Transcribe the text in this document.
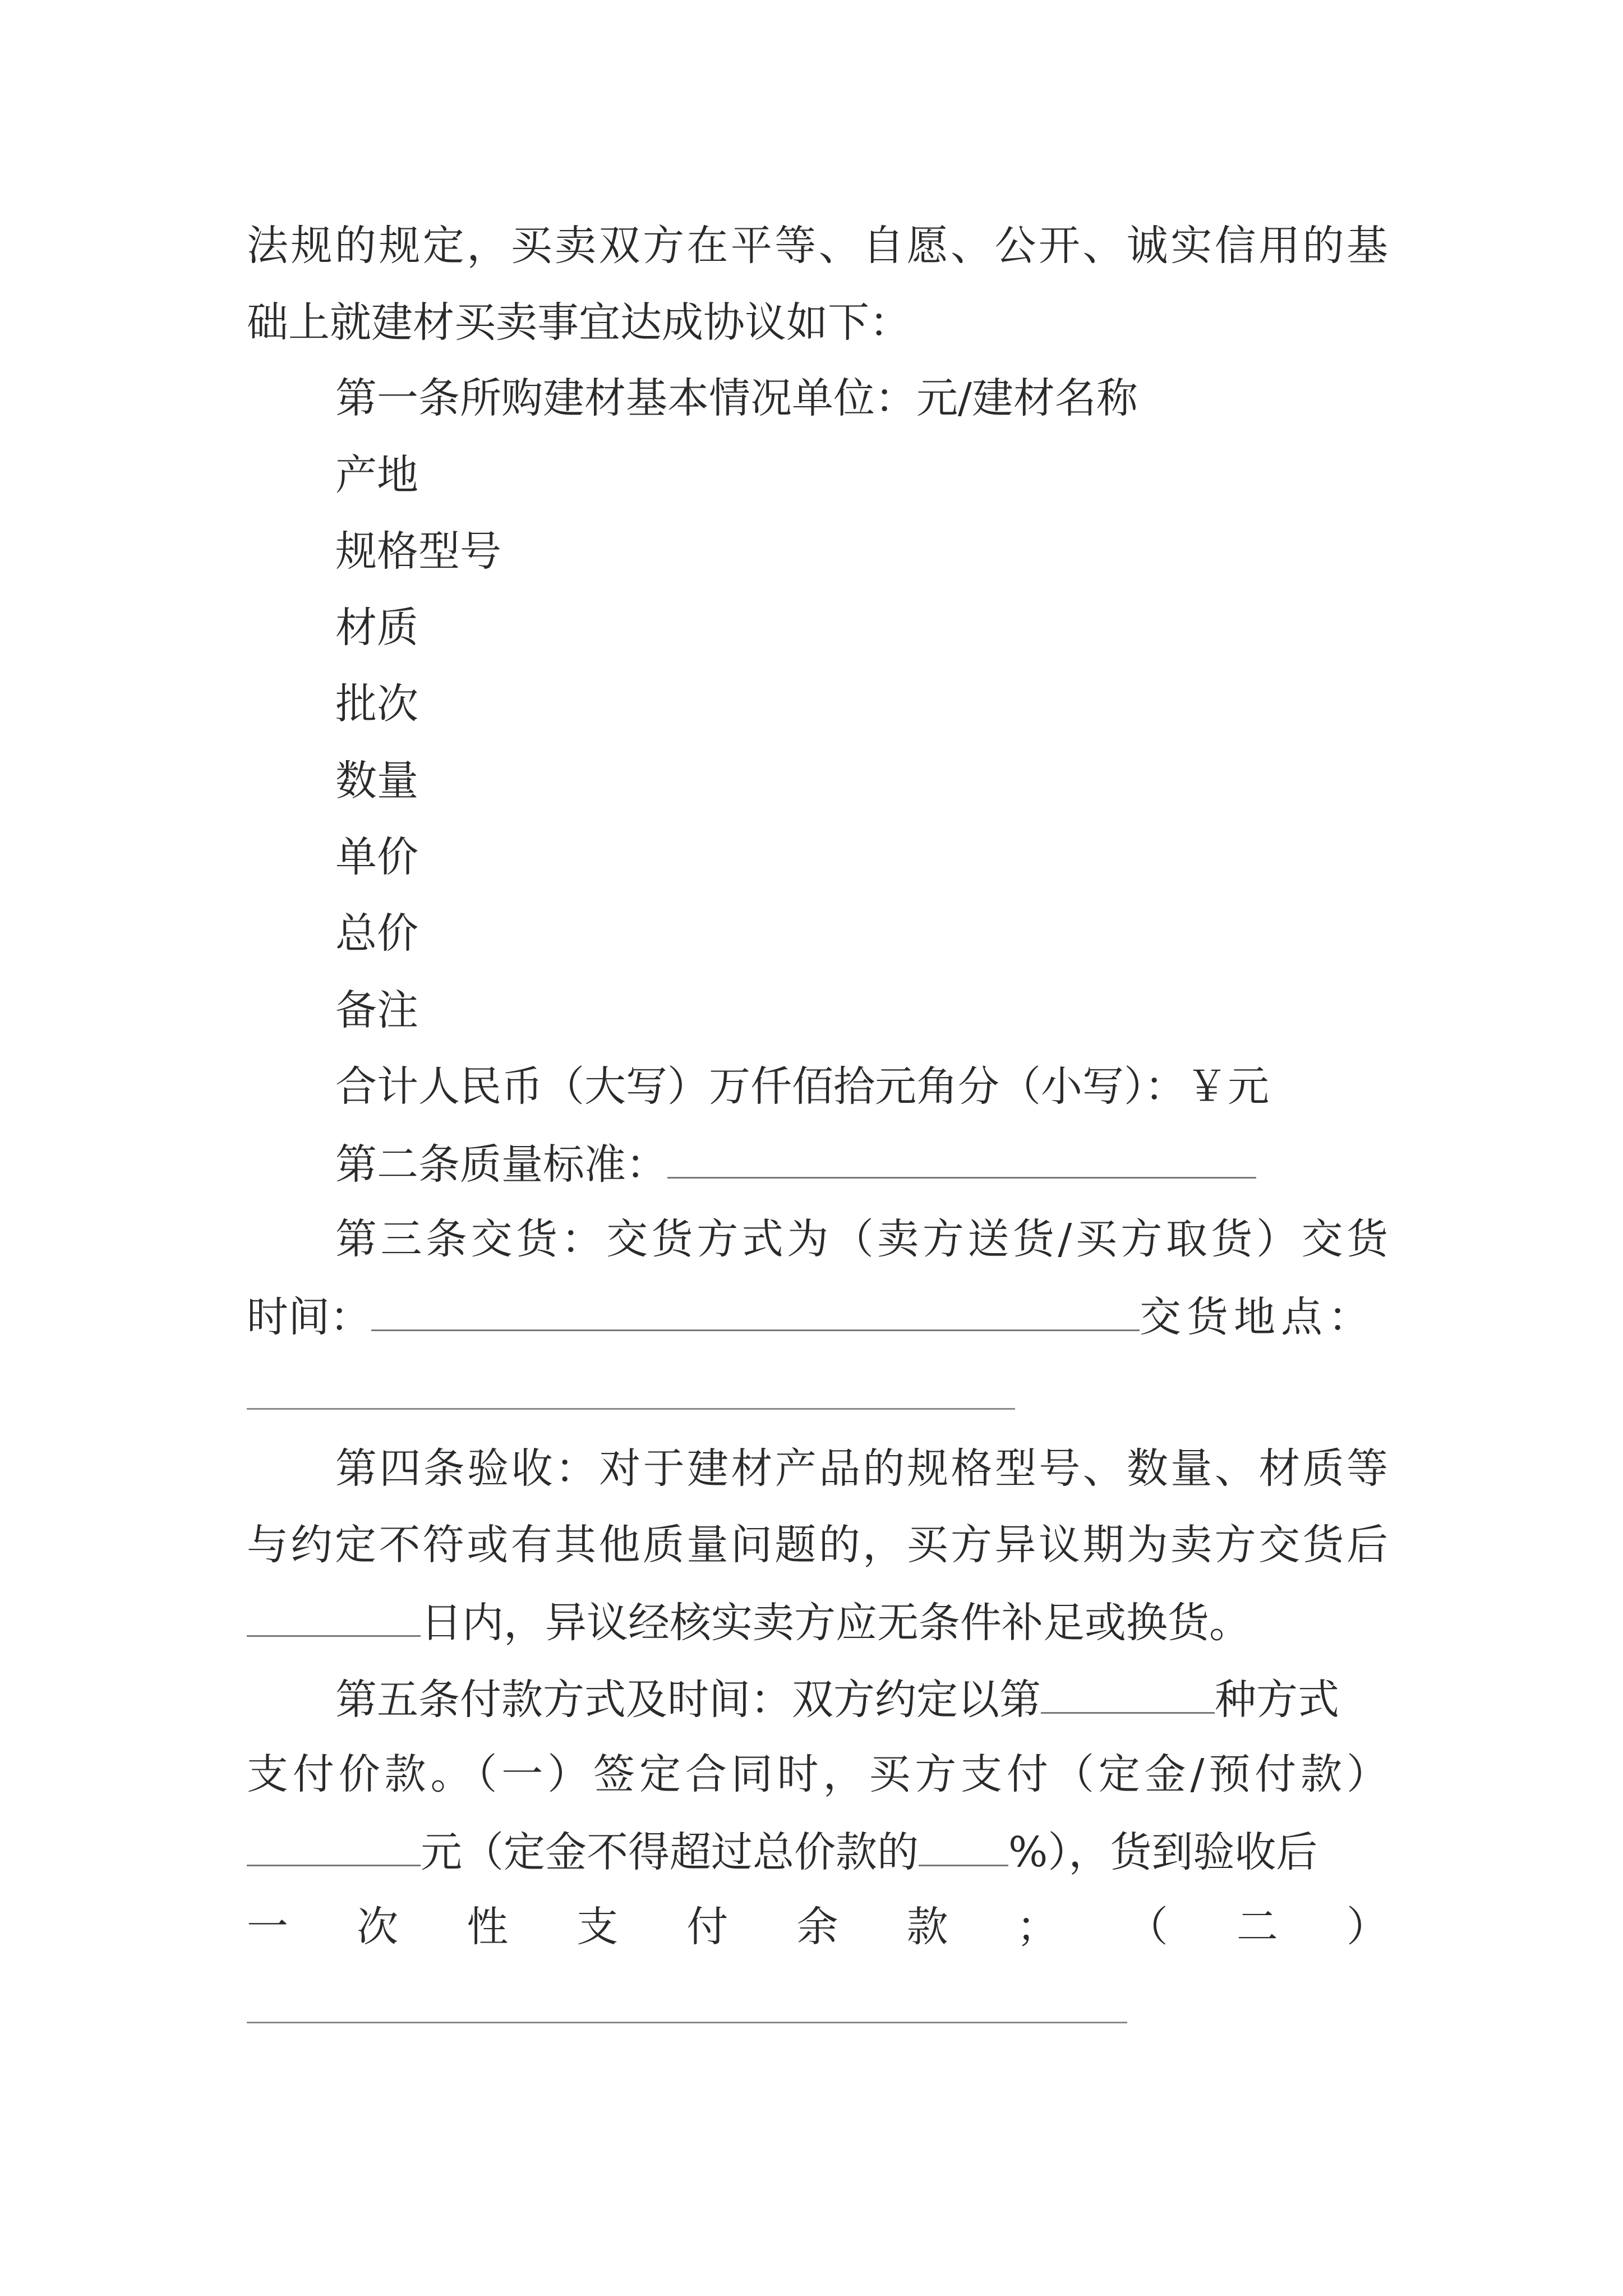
法规的规定，买卖双方在平等、自愿、公开、诚实信用的基
础上就建材买卖事宜达成协议如下：
第一条所购建材基本情况单位：元/建材名称
产地
规格型号
材质
批次
数量
单价
总价
备注
合计人民币（大写）万仟佰拾元角分（小写）：￥元
第二条质量标准：
第三条交货：交货方式为（卖方送货/买方取货）交货
时间：	交货地点：
第四条验收：对于建材产品的规格型号、数量、材质等
与约定不符或有其他质量问题的，买方异议期为卖方交货后
日内，异议经核实卖方应无条件补足或换货。
第五条付款方式及时间：双方约定以第	种方式
支付价款。（一）签定合同时，买方支付（定金/预付款）
元（定金不得超过总价款的 %），货到验收后
一 次 性 支 付 余 款 ； （ 二 ）
